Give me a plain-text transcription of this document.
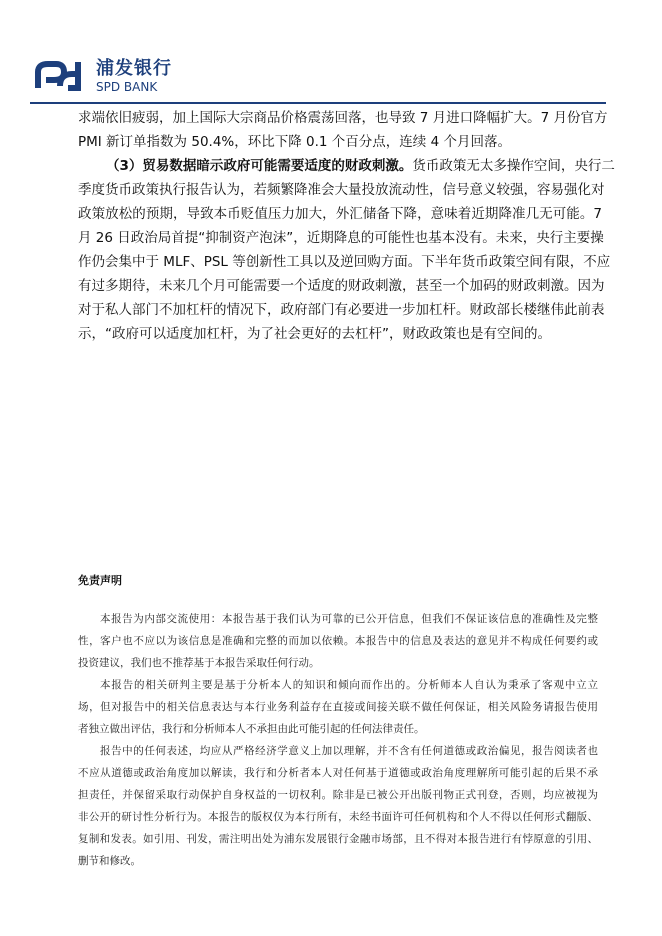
浦发银行
SPD BANK
求端依旧疲弱，加上国际大宗商品价格震荡回落，也导致 7 月进口降幅扩大。7 月份官方
PMI 新订单指数为 50.4%，环比下降 0.1 个百分点，连续 4 个月回落。
（3）贸易数据暗示政府可能需要适度的财政刺激。货币政策无太多操作空间，央行二
季度货币政策执行报告认为，若频繁降准会大量投放流动性，信号意义较强，容易强化对
政策放松的预期，导致本币贬值压力加大，外汇储备下降，意味着近期降准几无可能。7
月 26 日政治局首提“抑制资产泡沫”，近期降息的可能性也基本没有。未来，央行主要操
作仍会集中于 MLF、PSL 等创新性工具以及逆回购方面。下半年货币政策空间有限，不应
有过多期待，未来几个月可能需要一个适度的财政刺激，甚至一个加码的财政刺激。因为
对于私人部门不加杠杆的情况下，政府部门有必要进一步加杠杆。财政部长楼继伟此前表
示，“政府可以适度加杠杆，为了社会更好的去杠杆”，财政政策也是有空间的。
免责声明
本报告为内部交流使用：本报告基于我们认为可靠的已公开信息，但我们不保证该信息的准确性及完整
性，客户也不应以为该信息是准确和完整的而加以依赖。本报告中的信息及表达的意见并不构成任何要约或
投资建议，我们也不推荐基于本报告采取任何行动。
本报告的相关研判主要是基于分析本人的知识和倾向而作出的。分析师本人自认为秉承了客观中立立
场，但对报告中的相关信息表达与本行业务利益存在直接或间接关联不做任何保证，相关风险务请报告使用
者独立做出评估，我行和分析师本人不承担由此可能引起的任何法律责任。
报告中的任何表述，均应从严格经济学意义上加以理解，并不含有任何道德或政治偏见，报告阅读者也
不应从道德或政治角度加以解读，我行和分析者本人对任何基于道德或政治角度理解所可能引起的后果不承
担责任，并保留采取行动保护自身权益的一切权利。除非是已被公开出版刊物正式刊登，否则，均应被视为
非公开的研讨性分析行为。本报告的版权仅为本行所有，未经书面许可任何机构和个人不得以任何形式翻版、
复制和发表。如引用、刊发，需注明出处为浦东发展银行金融市场部，且不得对本报告进行有悖原意的引用、
删节和修改。
